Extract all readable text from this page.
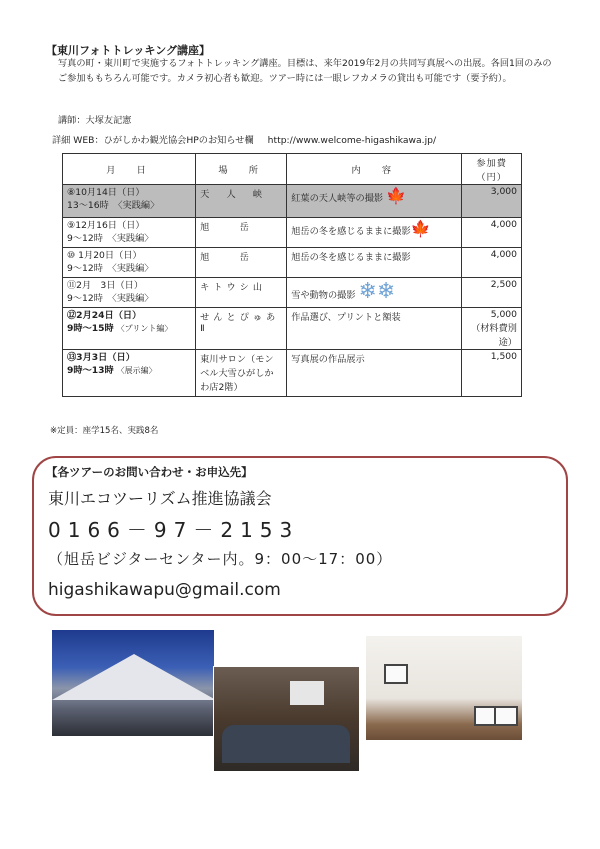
【東川フォトトレッキング講座】
写真の町・東川町で実施するフォトトレッキング講座。目標は、来年2019年2月の共同写真展への出展。各回1回のみのご参加ももちろん可能です。カメラ初心者も歓迎。ツアー時には一眼レフカメラの貸出も可能です（要予約）。
講師：大塚友記憲
詳細 WEB：ひがしかわ観光協会HPのお知らせ欄 http://www.welcome-higashikawa.jp/
月　日	場　所	内　容	参加費（円）
⑧10月14日（日）
13〜16時　 〈実践編〉	天　人　峡	紅葉の天人峡等の撮影 🍁	3,000
⑨12月16日（日）
9〜12時　 〈実践編〉	旭　　岳	旭岳の冬を感じるままに撮影🍁	4,000
⑩ 1月20日（日）
9〜12時　 〈実践編〉	旭　　岳	旭岳の冬を感じるままに撮影	4,000
⑪2月　3日（日）
9〜12時　 〈実践編〉	キトウシ山	雪や動物の撮影 ❄❄	2,500
⑫2月24日（日）
9時〜15時 〈プリント編〉	せんとぴゅあⅡ	作品選び、プリントと額装	5,000
（材料費別途）
⑬3月3日（日）
9時〜13時 〈展示編〉	東川サロン（モンベル大雪ひがしかわ店2階）	写真展の作品展示	1,500
※定員：座学15名、実践8名
【各ツアーのお問い合わせ・お申込先】
東川エコツーリズム推進協議会
0166－97－2153
（旭岳ビジターセンター内。9：00〜17：00）
higashikawapu@gmail.com
